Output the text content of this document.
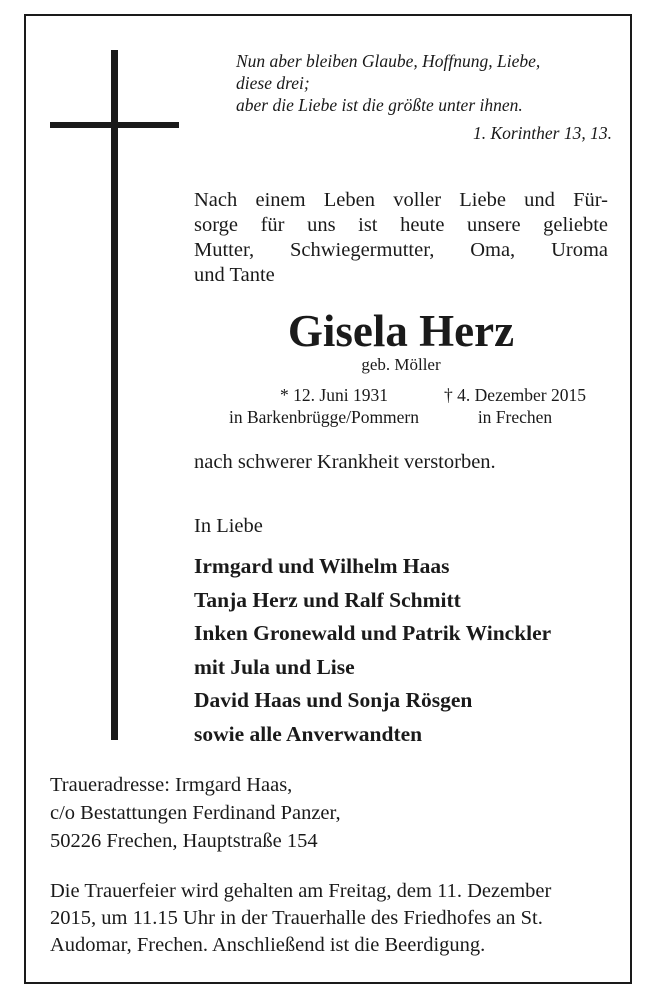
Nun aber bleiben Glaube, Hoffnung, Liebe,
diese drei;
aber die Liebe ist die größte unter ihnen.
1. Korinther 13, 13.
Nach einem Leben voller Liebe und Für-
sorge für uns ist heute unsere geliebte
Mutter, Schwiegermutter, Oma, Uroma
und Tante
Gisela Herz
geb. Möller
* 12. Juni 1931
in Barkenbrügge/Pommern
† 4. Dezember 2015
in Frechen
nach schwerer Krankheit verstorben.
In Liebe
Irmgard und Wilhelm Haas
Tanja Herz und Ralf Schmitt
Inken Gronewald und Patrik Winckler
mit Jula und Lise
David Haas und Sonja Rösgen
sowie alle Anverwandten
Traueradresse: Irmgard Haas,
c/o Bestattungen Ferdinand Panzer,
50226 Frechen, Hauptstraße 154
Die Trauerfeier wird gehalten am Freitag, dem 11. Dezember
2015, um 11.15 Uhr in der Trauerhalle des Friedhofes an St.
Audomar, Frechen. Anschließend ist die Beerdigung.
